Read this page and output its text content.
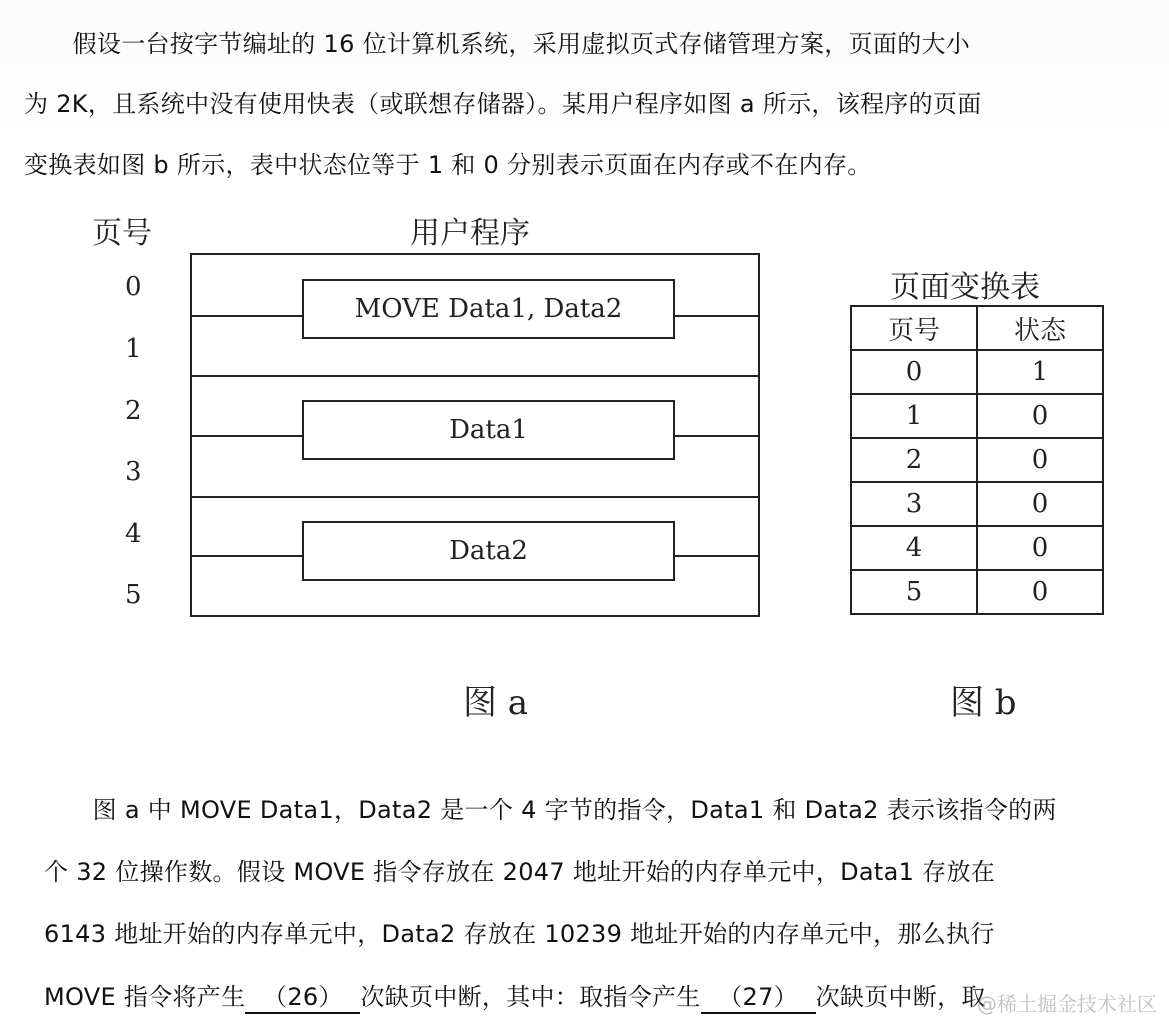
　　假设一台按字节编址的 16 位计算机系统，采用虚拟页式存储管理方案，页面的大小
为 2K，且系统中没有使用快表（或联想存储器）。某用户程序如图 a 所示，该程序的页面
变换表如图 b 所示，表中状态位等于 1 和 0 分别表示页面在内存或不在内存。
页号	用户程序
0
1
2
3
4
5
MOVE Data1, Data2
Data1
Data2
图 a
页面变换表
页号	状态
0	1
1	0
2	0
3	0
4	0
5	0
图 b
　　图 a 中 MOVE Data1，Data2 是一个 4 字节的指令，Data1 和 Data2 表示该指令的两
个 32 位操作数。假设 MOVE 指令存放在 2047 地址开始的内存单元中，Data1 存放在
6143 地址开始的内存单元中，Data2 存放在 10239 地址开始的内存单元中，那么执行
MOVE 指令将产生 （26） 次缺页中断，其中：取指令产生 （27） 次缺页中断，取
@稀土掘金技术社区
